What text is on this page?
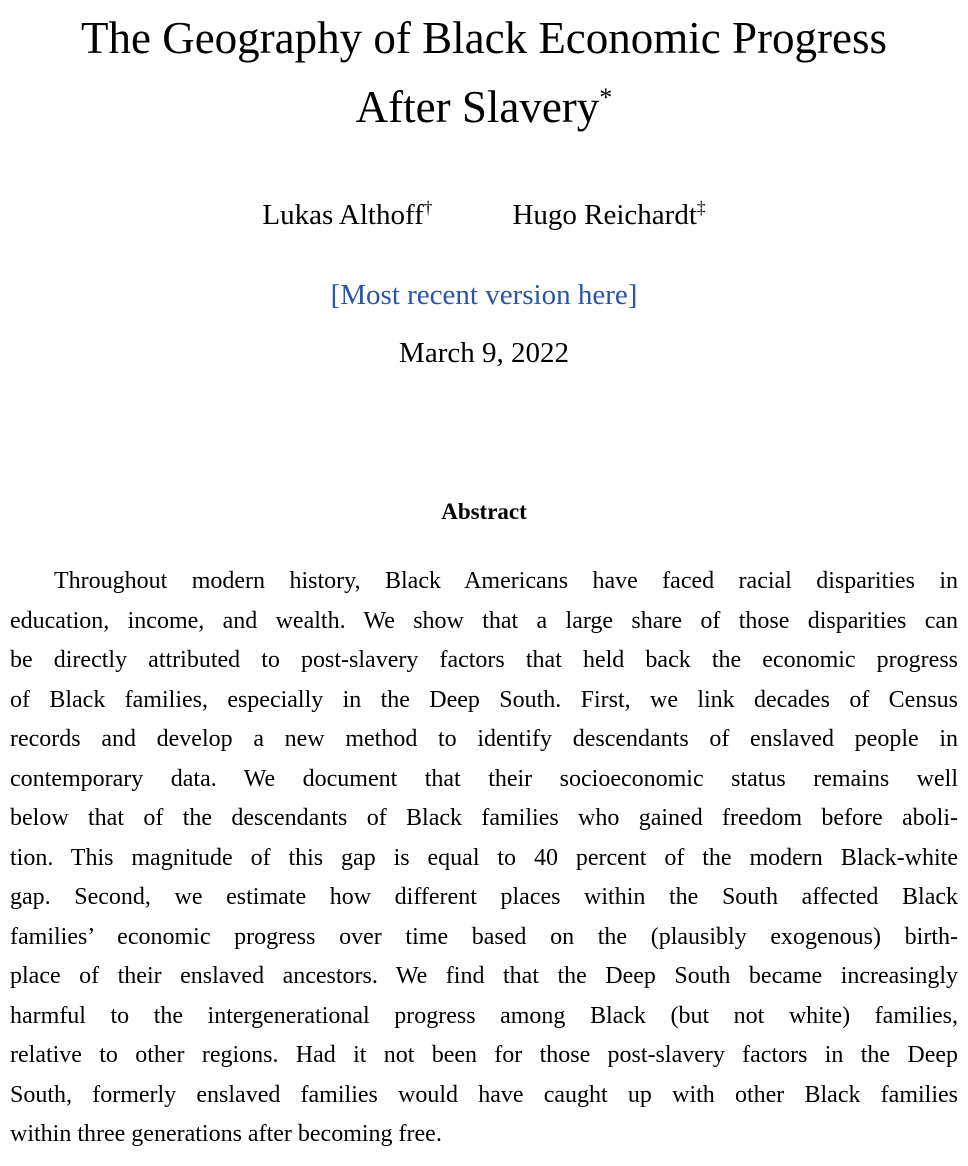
The Geography of Black Economic Progress
After Slavery*
Lukas Althoff†	Hugo Reichardt‡
[Most recent version here]
March 9, 2022
Abstract
Throughout modern history, Black Americans have faced racial disparities in
education, income, and wealth. We show that a large share of those disparities can
be directly attributed to post-slavery factors that held back the economic progress
of Black families, especially in the Deep South. First, we link decades of Census
records and develop a new method to identify descendants of enslaved people in
contemporary data. We document that their socioeconomic status remains well
below that of the descendants of Black families who gained freedom before aboli-
tion. This magnitude of this gap is equal to 40 percent of the modern Black-white
gap. Second, we estimate how different places within the South affected Black
families’ economic progress over time based on the (plausibly exogenous) birth-
place of their enslaved ancestors. We find that the Deep South became increasingly
harmful to the intergenerational progress among Black (but not white) families,
relative to other regions. Had it not been for those post-slavery factors in the Deep
South, formerly enslaved families would have caught up with other Black families
within three generations after becoming free.
